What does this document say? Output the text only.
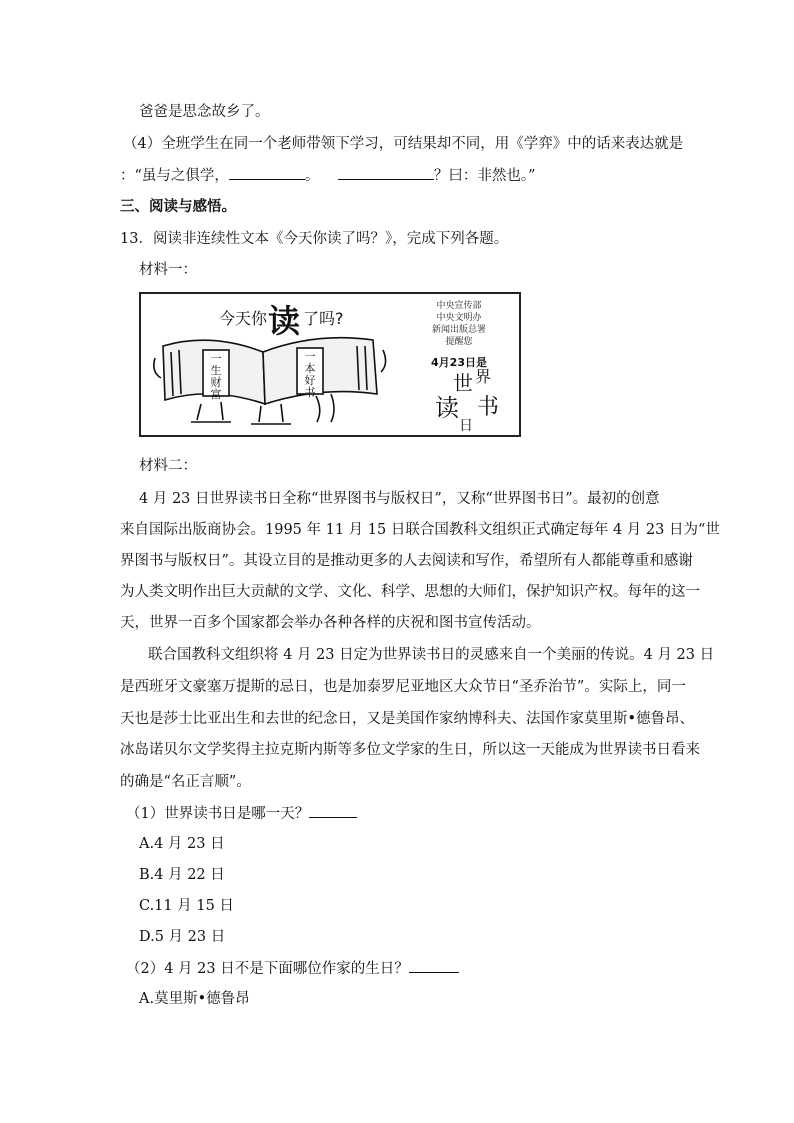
爸爸是思念故乡了。
（4）全班学生在同一个老师带领下学习，可结果却不同，用《学弈》中的话来表达就是
：“虽与之俱学，	。	？曰：非然也。”
三、阅读与感悟。
13．阅读非连续性文本《今天你读了吗？》，完成下列各题。
材料一：
今天你 读 了吗?
一
生
财
富
一
本
好
书
中央宣传部
中央文明办
新闻出版总署
提醒您
4月23日是
世 界
读 书
日
材料二：
4 月 23 日世界读书日全称“世界图书与版权日”，又称“世界图书日”。最初的创意
来自国际出版商协会。1995 年 11 月 15 日联合国教科文组织正式确定每年 4 月 23 日为“世
界图书与版权日”。其设立目的是推动更多的人去阅读和写作，希望所有人都能尊重和感谢
为人类文明作出巨大贡献的文学、文化、科学、思想的大师们，保护知识产权。每年的这一
天，世界一百多个国家都会举办各种各样的庆祝和图书宣传活动。
联合国教科文组织将 4 月 23 日定为世界读书日的灵感来自一个美丽的传说。4 月 23 日
是西班牙文豪塞万提斯的忌日，也是加泰罗尼亚地区大众节日“圣乔治节”。实际上，同一
天也是莎士比亚出生和去世的纪念日，又是美国作家纳博科夫、法国作家莫里斯•德鲁昂、
冰岛诺贝尔文学奖得主拉克斯内斯等多位文学家的生日，所以这一天能成为世界读书日看来
的确是“名正言顺”。
（1）世界读书日是哪一天？
A.4 月 23 日
B.4 月 22 日
C.11 月 15 日
D.5 月 23 日
（2）4 月 23 日不是下面哪位作家的生日？
A.莫里斯•德鲁昂
